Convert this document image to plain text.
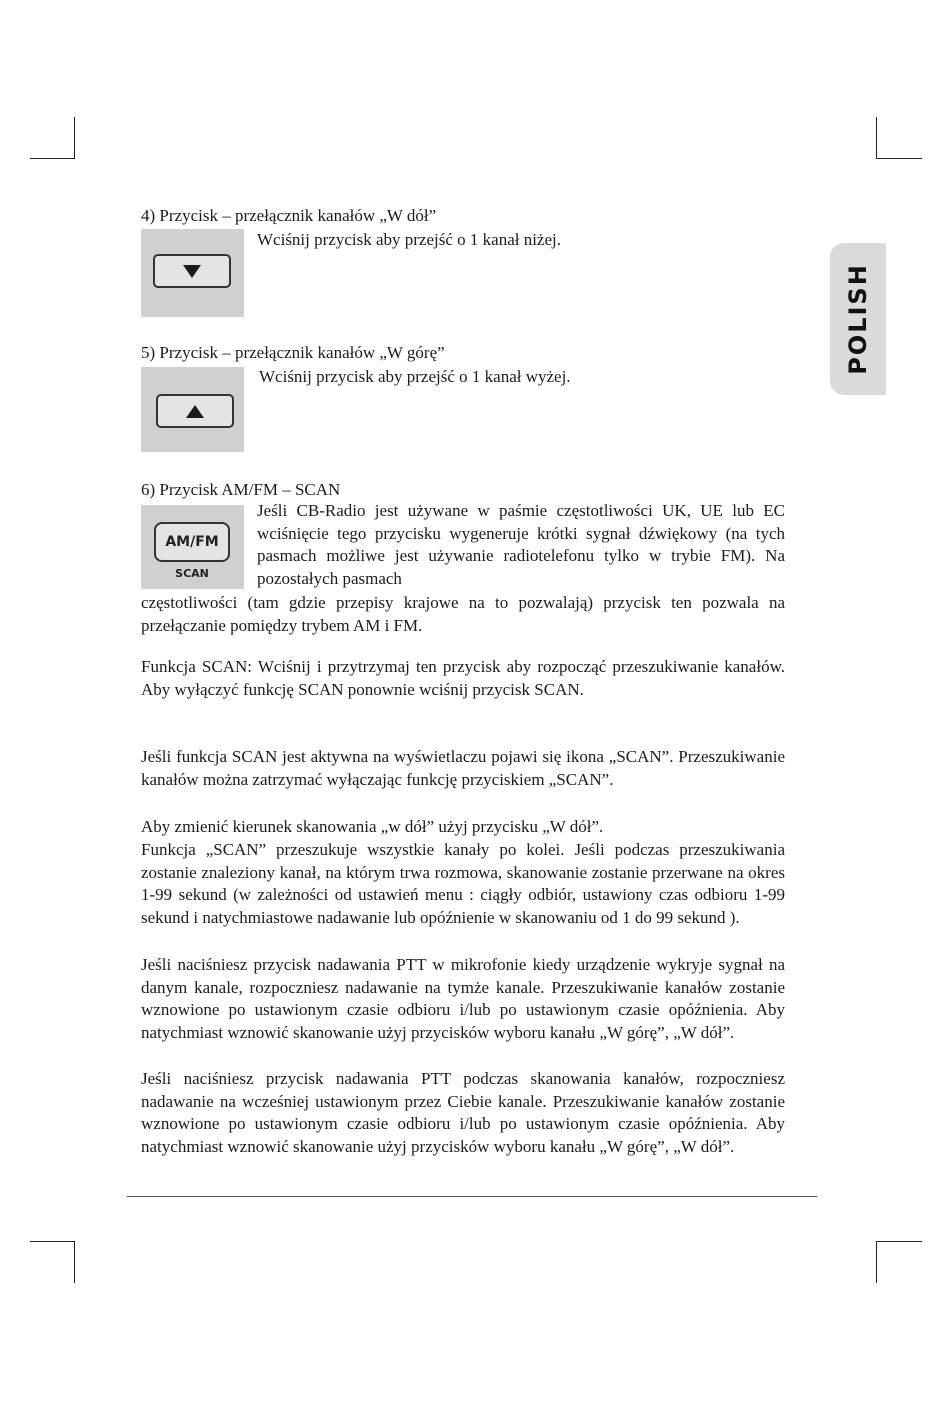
POLISH
4) Przycisk – przełącznik kanałów „W dół”
Wciśnij przycisk aby przejść o 1 kanał niżej.
5) Przycisk – przełącznik kanałów „W górę”
Wciśnij przycisk aby przejść o 1 kanał wyżej.
6) Przycisk AM/FM – SCAN
AM/FM
SCAN
Jeśli CB-Radio jest używane w paśmie częstotliwości UK, UE lub EC wciśnięcie tego przycisku wygeneruje krótki sygnał dźwiękowy (na tych pasmach możliwe jest używanie radiotelefonu tylko w trybie FM). Na pozostałych pasmach
częstotliwości (tam gdzie przepisy krajowe na to pozwalają) przycisk ten pozwala na przełączanie pomiędzy trybem AM i FM.
Funkcja SCAN: Wciśnij i przytrzymaj ten przycisk aby rozpocząć przeszukiwanie kanałów. Aby wyłączyć funkcję SCAN ponownie wciśnij przycisk SCAN.
Jeśli funkcja SCAN jest aktywna na wyświetlaczu pojawi się ikona „SCAN”. Przeszukiwanie kanałów można zatrzymać wyłączając funkcję przyciskiem „SCAN”.
Aby zmienić kierunek skanowania „w dół” użyj przycisku „W dół”.
Funkcja „SCAN” przeszukuje wszystkie kanały po kolei. Jeśli podczas przeszukiwania zostanie znaleziony kanał, na którym trwa rozmowa, skanowanie zostanie przerwane na okres 1-99 sekund (w zależności od ustawień menu : ciągły odbiór, ustawiony czas odbioru 1-99 sekund i natychmiastowe nadawanie lub opóźnienie w skanowaniu od 1 do 99 sekund ).
Jeśli naciśniesz przycisk nadawania PTT w mikrofonie kiedy urządzenie wykryje sygnał na danym kanale, rozpoczniesz nadawanie na tymże kanale. Przeszukiwanie kanałów zostanie wznowione po ustawionym czasie odbioru i/lub po ustawionym czasie opóźnienia. Aby natychmiast wznowić skanowanie użyj przycisków wyboru kanału „W górę”, „W dół”.
Jeśli naciśniesz przycisk nadawania PTT podczas skanowania kanałów, rozpoczniesz nadawanie na wcześniej ustawionym przez Ciebie kanale. Przeszukiwanie kanałów zostanie wznowione po ustawionym czasie odbioru i/lub po ustawionym czasie opóźnienia. Aby natychmiast wznowić skanowanie użyj przycisków wyboru kanału „W górę”, „W dół”.
